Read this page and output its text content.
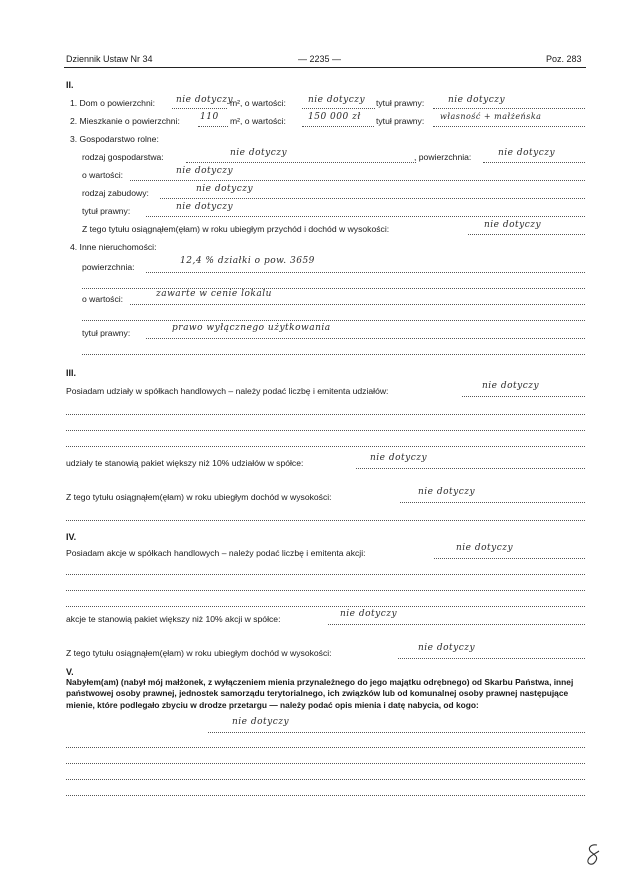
Dziennik Ustaw Nr 34	— 2235 —	Poz. 283
II.
1. Dom o powierzchni: nie dotyczy
m², o wartości: nie dotyczy tytuł prawny:	nie dotyczy
2. Mieszkanie o powierzchni: 110 m², o wartości: 150 000 zł tytuł prawny: własność + małżeńska
3. Gospodarstwo rolne:
rodzaj gospodarstwa:	nie dotyczy	, powierzchnia:	nie dotyczy
o wartości:	nie dotyczy
rodzaj zabudowy:	nie dotyczy
tytuł prawny:	nie dotyczy
Z tego tytułu osiągnąłem(ęłam) w roku ubiegłym przychód i dochód w wysokości:	nie dotyczy
4. Inne nieruchomości:
powierzchnia:
12,4 % działki o pow. 3659
o wartości:	zawarte w cenie lokalu
tytuł prawny:	prawo wyłącznego użytkowania
III.
Posiadam udziały w spółkach handlowych – należy podać liczbę i emitenta udziałów:	nie dotyczy
udziały te stanowią pakiet większy niż 10% udziałów w spółce:	nie dotyczy
Z tego tytułu osiągnąłem(ęłam) w roku ubiegłym dochód w wysokości:	nie dotyczy
IV.
Posiadam akcje w spółkach handlowych – należy podać liczbę i emitenta akcji:	nie dotyczy
akcje te stanowią pakiet większy niż 10% akcji w spółce:	nie dotyczy
Z tego tytułu osiągnąłem(ęłam) w roku ubiegłym dochód w wysokości:	nie dotyczy
V.
Nabyłem(am) (nabył mój małżonek, z wyłączeniem mienia przynależnego do jego majątku odrębnego) od Skarbu Państwa, innej państwowej osoby prawnej, jednostek samorządu terytorialnego, ich związków lub od komunalnej osoby prawnej następujące mienie, które podlegało zbyciu w drodze przetargu — należy podać opis mienia i datę nabycia, od kogo:
nie dotyczy
